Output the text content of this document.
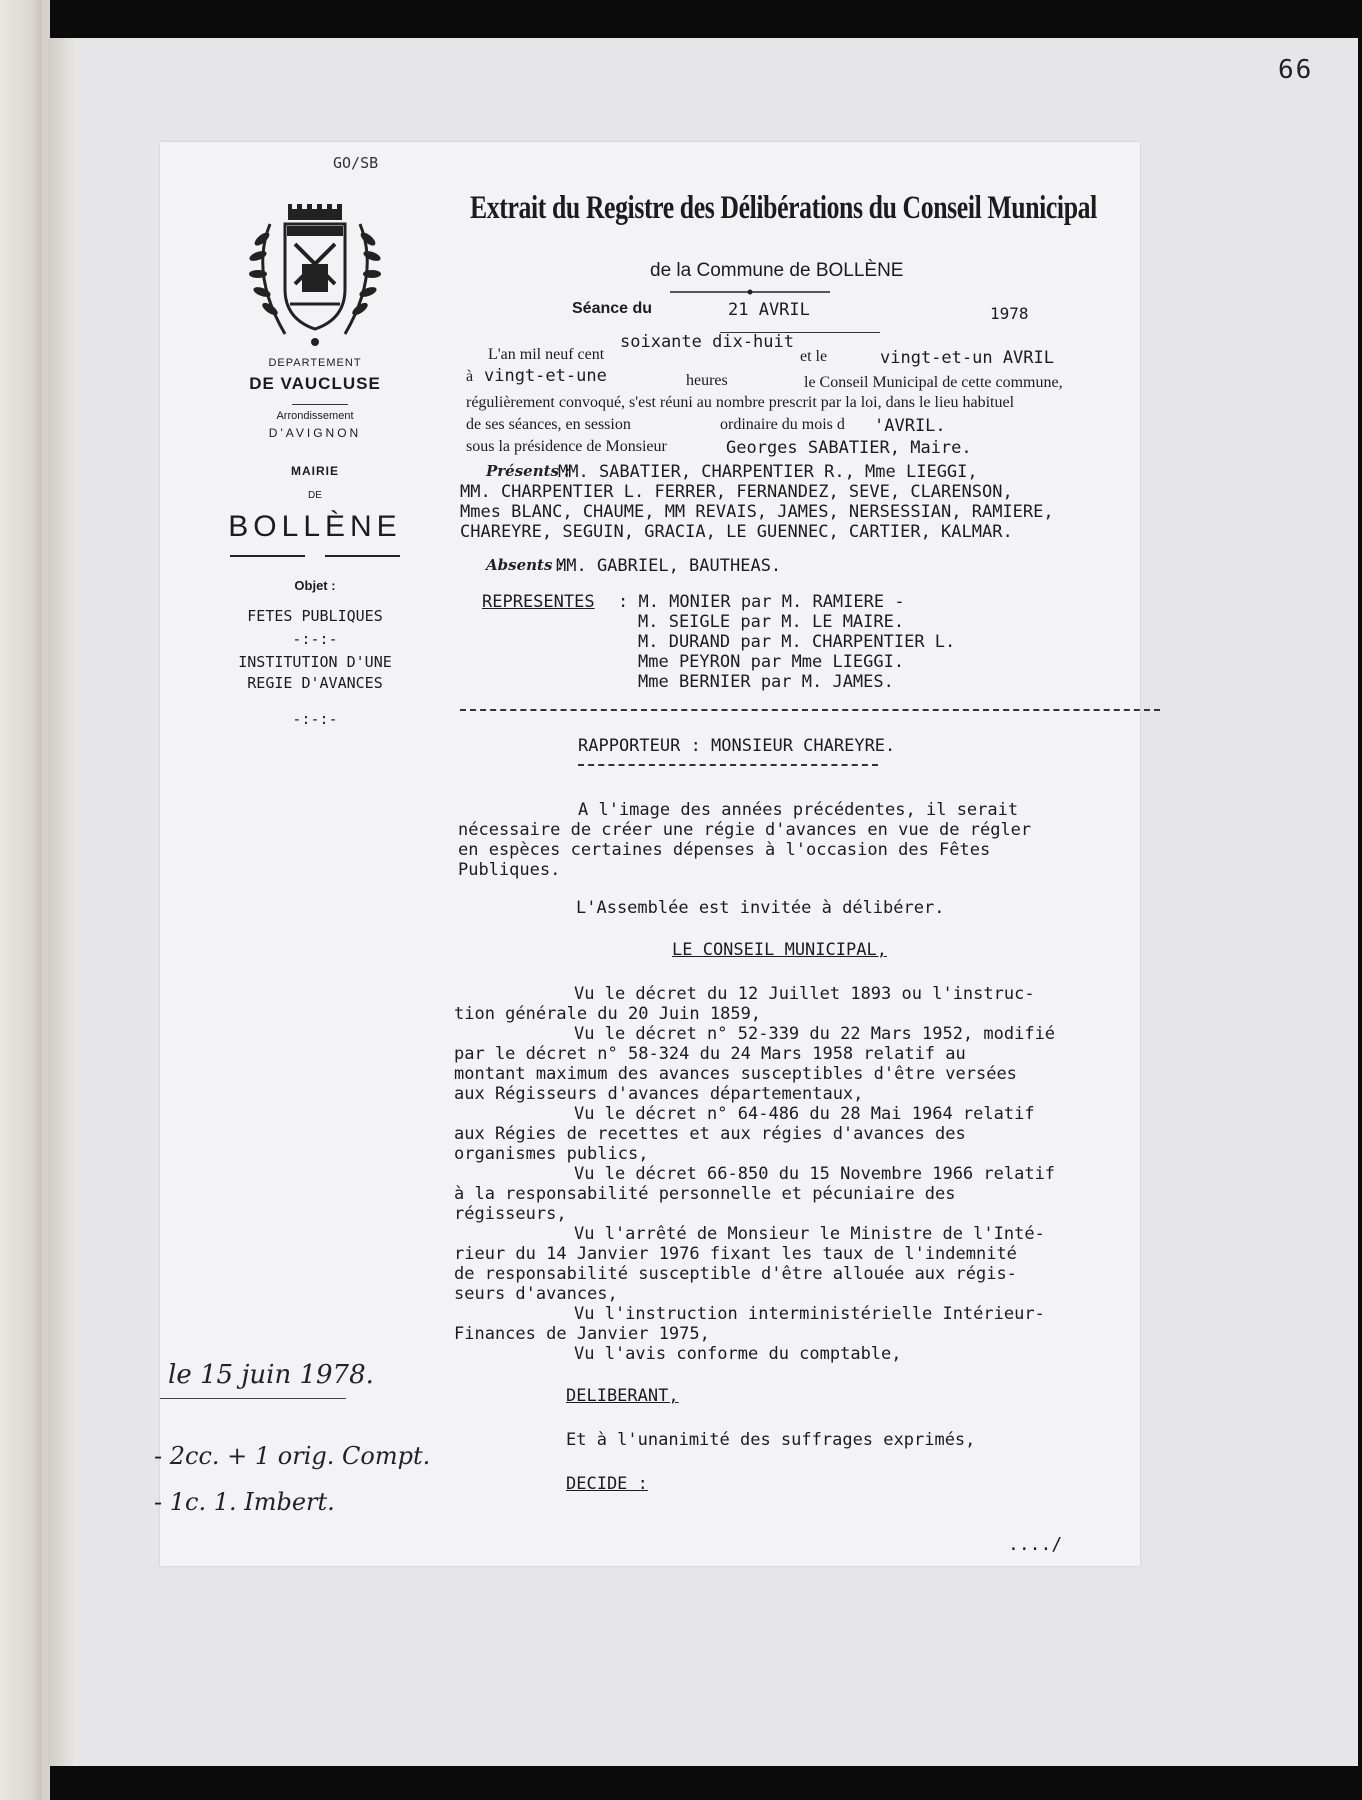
66
GO/SB
DEPARTEMENT
DE VAUCLUSE
Arrondissement
D'AVIGNON
MAIRIE
DE
BOLLÈNE
Objet :
FETES PUBLIQUES
-:-:-
INSTITUTION D'UNE
REGIE D'AVANCES
-:-:-
Extrait du Registre des Délibérations du Conseil Municipal
de la Commune de BOLLÈNE
Séance du	21 AVRIL	1978
L'an mil neuf cent
soixante dix-huit
et le	vingt-et-un AVRIL
à vingt-et-une	heures	le Conseil Municipal de cette commune,
régulièrement convoqué, s'est réuni au nombre prescrit par la loi, dans le lieu habituel
de ses séances, en session	ordinaire du mois d 'AVRIL.
sous la présidence de Monsieur	Georges SABATIER, Maire.
Présents :
MM. SABATIER, CHARPENTIER R., Mme LIEGGI,
MM. CHARPENTIER L. FERRER, FERNANDEZ, SEVE, CLARENSON,
Mmes BLANC, CHAUME, MM REVAIS, JAMES, NERSESSIAN, RAMIERE,
CHAREYRE, SEGUIN, GRACIA, LE GUENNEC, CARTIER, KALMAR.
Absents :
MM. GABRIEL, BAUTHEAS.
REPRESENTES : M. MONIER par M. RAMIERE -
M. SEIGLE par M. LE MAIRE.
M. DURAND par M. CHARPENTIER L.
Mme PEYRON par Mme LIEGGI.
Mme BERNIER par M. JAMES.
RAPPORTEUR : MONSIEUR CHAREYRE.
A l'image des années précédentes, il serait
nécessaire de créer une régie d'avances en vue de régler
en espèces certaines dépenses à l'occasion des Fêtes
Publiques.
L'Assemblée est invitée à délibérer.
LE CONSEIL MUNICIPAL,
Vu le décret du 12 Juillet 1893 ou l'instruc-
tion générale du 20 Juin 1859,
Vu le décret n° 52-339 du 22 Mars 1952, modifié
par le décret n° 58-324 du 24 Mars 1958 relatif au
montant maximum des avances susceptibles d'être versées
aux Régisseurs d'avances départementaux,
Vu le décret n° 64-486 du 28 Mai 1964 relatif
aux Régies de recettes et aux régies d'avances des
organismes publics,
Vu le décret 66-850 du 15 Novembre 1966 relatif
à la responsabilité personnelle et pécuniaire des
régisseurs,
Vu l'arrêté de Monsieur le Ministre de l'Inté-
rieur du 14 Janvier 1976 fixant les taux de l'indemnité
de responsabilité susceptible d'être allouée aux régis-
seurs d'avances,
Vu l'instruction interministérielle Intérieur-
Finances de Janvier 1975,
Vu l'avis conforme du comptable,
DELIBERANT,
Et à l'unanimité des suffrages exprimés,
DECIDE :
..../
le 15 juin 1978.
- 2cc. + 1 orig. Compt.
- 1c. 1. Imbert.
